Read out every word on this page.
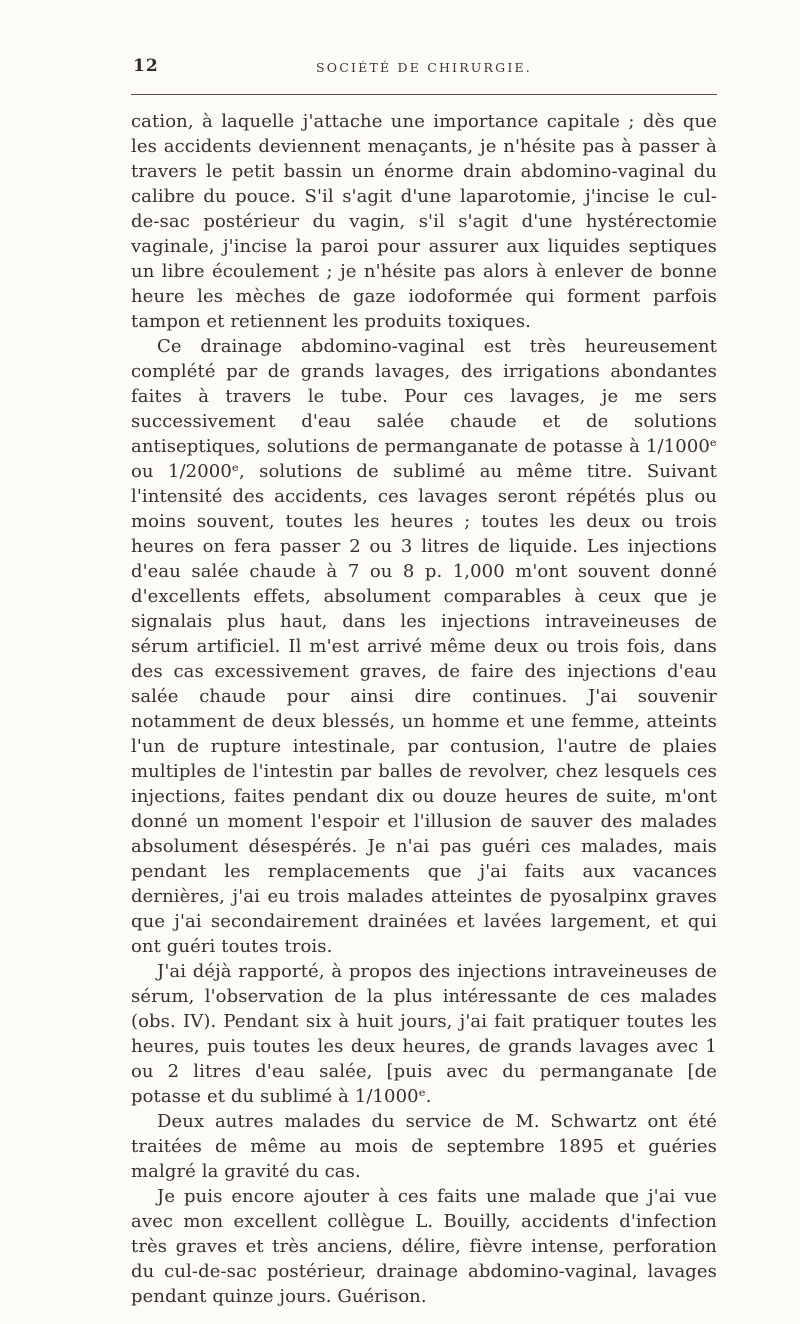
12	SOCIÉTÉ DE CHIRURGIE.

cation, à laquelle j'attache une importance capitale ; dès que les accidents deviennent menaçants, je n'hésite pas à passer à travers le petit bassin un énorme drain abdomino-vaginal du calibre du pouce. S'il s'agit d'une laparotomie, j'incise le cul-de-sac postérieur du vagin, s'il s'agit d'une hystérectomie vaginale, j'incise la paroi pour assurer aux liquides septiques un libre écoulement ; je n'hésite pas alors à enlever de bonne heure les mèches de gaze iodoformée qui forment parfois tampon et retiennent les produits toxiques.

Ce drainage abdomino-vaginal est très heureusement complété par de grands lavages, des irrigations abondantes faites à travers le tube. Pour ces lavages, je me sers successivement d'eau salée chaude et de solutions antiseptiques, solutions de permanganate de potasse à 1/1000ᵉ ou 1/2000ᵉ, solutions de sublimé au même titre. Suivant l'intensité des accidents, ces lavages seront répétés plus ou moins souvent, toutes les heures ; toutes les deux ou trois heures on fera passer 2 ou 3 litres de liquide. Les injections d'eau salée chaude à 7 ou 8 p. 1,000 m'ont souvent donné d'excellents effets, absolument comparables à ceux que je signalais plus haut, dans les injections intraveineuses de sérum artificiel. Il m'est arrivé même deux ou trois fois, dans des cas excessivement graves, de faire des injections d'eau salée chaude pour ainsi dire continues. J'ai souvenir notamment de deux blessés, un homme et une femme, atteints l'un de rupture intestinale, par contusion, l'autre de plaies multiples de l'intestin par balles de revolver, chez lesquels ces injections, faites pendant dix ou douze heures de suite, m'ont donné un moment l'espoir et l'illusion de sauver des malades absolument désespérés. Je n'ai pas guéri ces malades, mais pendant les remplacements que j'ai faits aux vacances dernières, j'ai eu trois malades atteintes de pyosalpinx graves que j'ai secondairement drainées et lavées largement, et qui ont guéri toutes trois.

J'ai déjà rapporté, à propos des injections intraveineuses de sérum, l'observation de la plus intéressante de ces malades (obs. IV). Pendant six à huit jours, j'ai fait pratiquer toutes les heures, puis toutes les deux heures, de grands lavages avec 1 ou 2 litres d'eau salée, [puis avec du permanganate [de potasse et du sublimé à 1/1000ᵉ.

Deux autres malades du service de M. Schwartz ont été traitées de même au mois de septembre 1895 et guéries malgré la gravité du cas.

Je puis encore ajouter à ces faits une malade que j'ai vue avec mon excellent collègue L. Bouilly, accidents d'infection très graves et très anciens, délire, fièvre intense, perforation du cul-de-sac postérieur, drainage abdomino-vaginal, lavages pendant quinze jours. Guérison.
